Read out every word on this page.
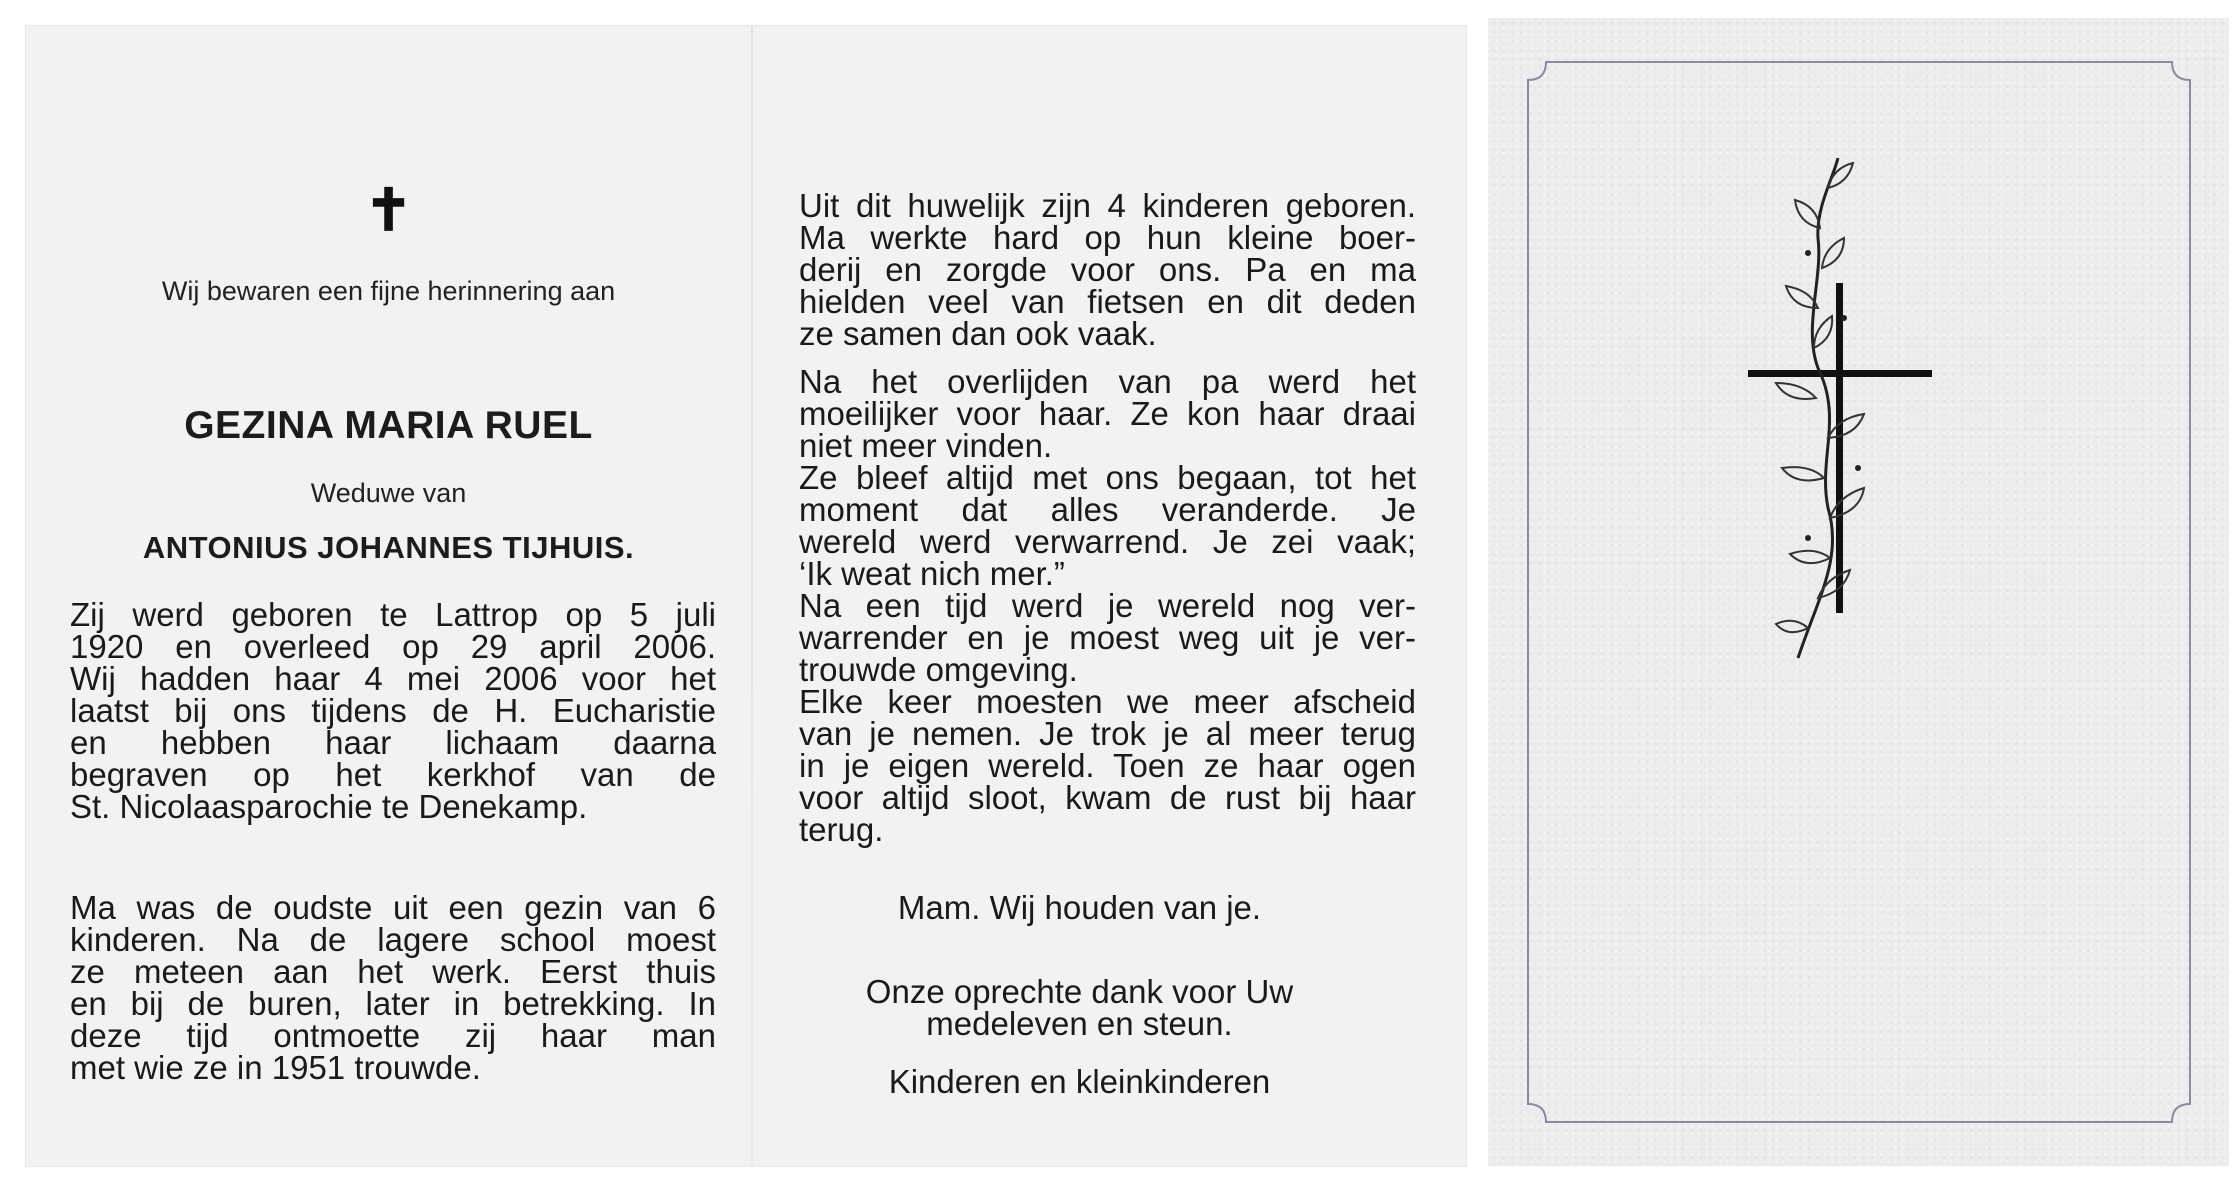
✝
Wij bewaren een fijne herinnering aan
GEZINA MARIA RUEL
Weduwe van
ANTONIUS JOHANNES TIJHUIS.
Zij werd geboren te Lattrop op 5 juli
1920 en overleed op 29 april 2006.
Wij hadden haar 4 mei 2006 voor het
laatst bij ons tijdens de H. Eucharistie
en hebben haar lichaam daarna
begraven op het kerkhof van de
St. Nicolaasparochie te Denekamp.
Ma was de oudste uit een gezin van 6
kinderen. Na de lagere school moest
ze meteen aan het werk. Eerst thuis
en bij de buren, later in betrekking. In
deze tijd ontmoette zij haar man
met wie ze in 1951 trouwde.
Uit dit huwelijk zijn 4 kinderen geboren.
Ma werkte hard op hun kleine boer-
derij en zorgde voor ons. Pa en ma
hielden veel van fietsen en dit deden
ze samen dan ook vaak.
Na het overlijden van pa werd het
moeilijker voor haar. Ze kon haar draai
niet meer vinden.
Ze bleef altijd met ons begaan, tot het
moment dat alles veranderde. Je
wereld werd verwarrend. Je zei vaak;
‘Ik weat nich mer.”
Na een tijd werd je wereld nog ver-
warrender en je moest weg uit je ver-
trouwde omgeving.
Elke keer moesten we meer afscheid
van je nemen. Je trok je al meer terug
in je eigen wereld. Toen ze haar ogen
voor altijd sloot, kwam de rust bij haar
terug.
Mam. Wij houden van je.
Onze oprechte dank voor Uw
medeleven en steun.
Kinderen en kleinkinderen
